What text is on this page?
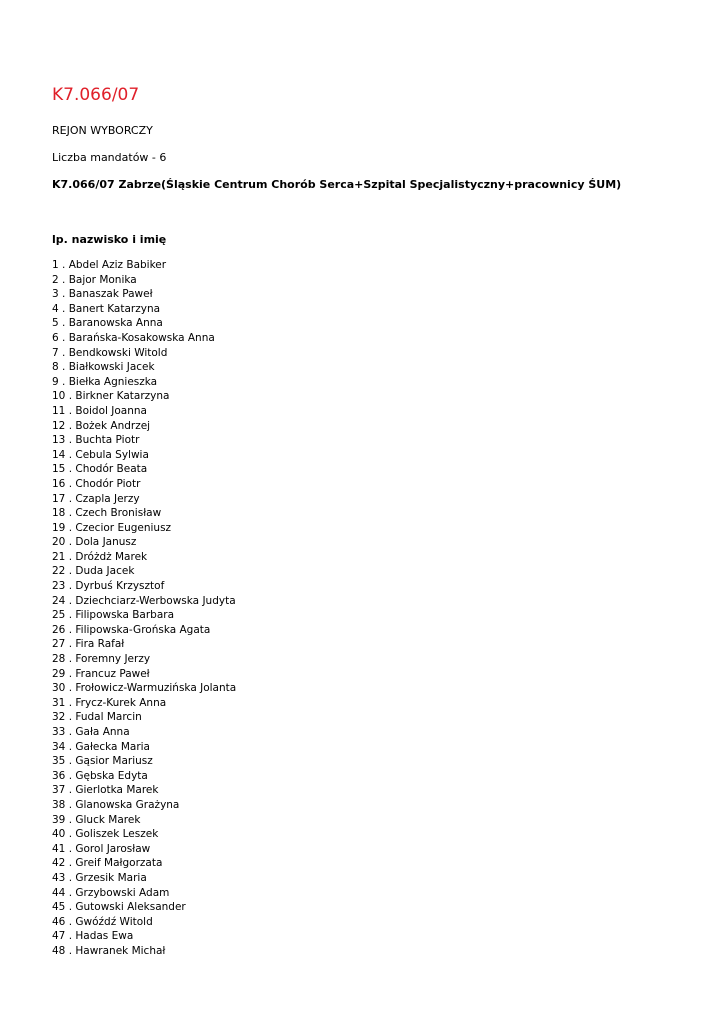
K7.066/07
REJON WYBORCZY
Liczba mandatów - 6
K7.066/07 Zabrze(Śląskie Centrum Chorób Serca+Szpital Specjalistyczny+pracownicy ŚUM)
lp. nazwisko i imię
1 . Abdel Aziz Babiker
2 . Bajor Monika
3 . Banaszak Paweł
4 . Banert Katarzyna
5 . Baranowska Anna
6 . Barańska-Kosakowska Anna
7 . Bendkowski Witold
8 . Białkowski Jacek
9 . Biełka Agnieszka
10 . Birkner Katarzyna
11 . Boidol Joanna
12 . Bożek Andrzej
13 . Buchta Piotr
14 . Cebula Sylwia
15 . Chodór Beata
16 . Chodór Piotr
17 . Czapla Jerzy
18 . Czech Bronisław
19 . Czecior Eugeniusz
20 . Dola Janusz
21 . Dróżdż Marek
22 . Duda Jacek
23 . Dyrbuś Krzysztof
24 . Dziechciarz-Werbowska Judyta
25 . Filipowska Barbara
26 . Filipowska-Grońska Agata
27 . Fira Rafał
28 . Foremny Jerzy
29 . Francuz Paweł
30 . Frołowicz-Warmuzińska Jolanta
31 . Frycz-Kurek Anna
32 . Fudal Marcin
33 . Gała Anna
34 . Gałecka Maria
35 . Gąsior Mariusz
36 . Gębska Edyta
37 . Gierlotka Marek
38 . Glanowska Grażyna
39 . Gluck Marek
40 . Goliszek Leszek
41 . Gorol Jarosław
42 . Greif Małgorzata
43 . Grzesik Maria
44 . Grzybowski Adam
45 . Gutowski Aleksander
46 . Gwóźdź Witold
47 . Hadas Ewa
48 . Hawranek Michał
